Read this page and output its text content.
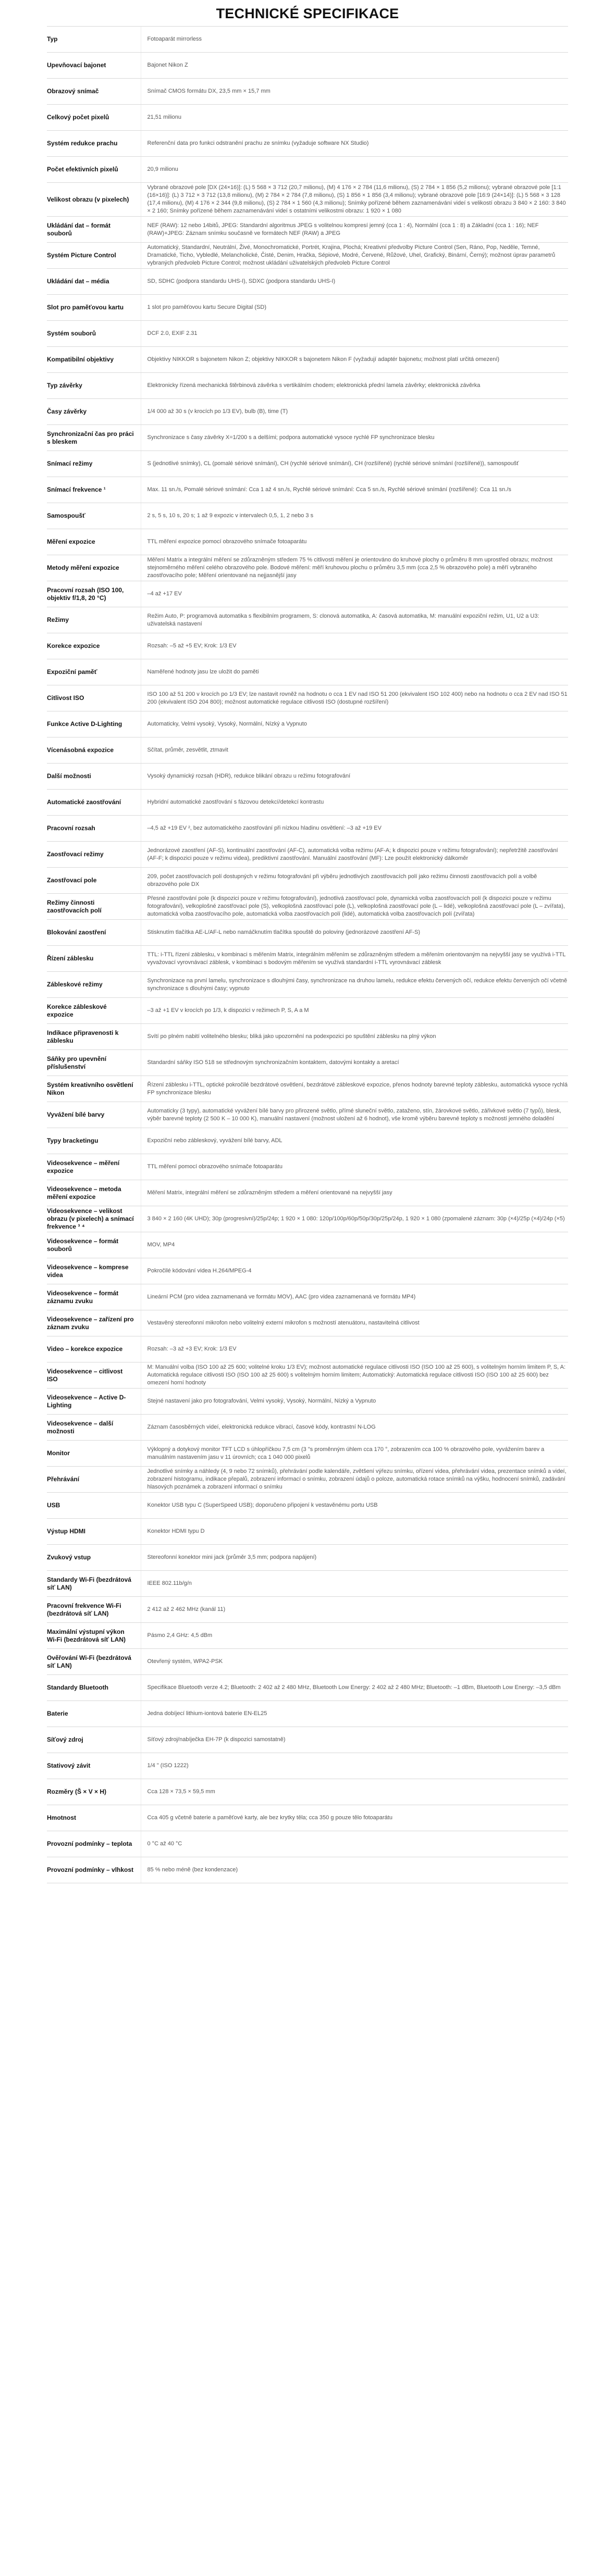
TECHNICKÉ SPECIFIKACE
Typ	Fotoaparát mirrorless
Upevňovací bajonet	Bajonet Nikon Z
Obrazový snímač	Snímač CMOS formátu DX, 23,5 mm × 15,7 mm
Celkový počet pixelů	21,51 milionu
Systém redukce prachu	Referenční data pro funkci odstranění prachu ze snímku (vyžaduje software NX Studio)
Počet efektivních pixelů	20,9 milionu
Velikost obrazu (v pixelech)	Vybrané obrazové pole [DX (24×16)]: (L) 5 568 × 3 712 (20,7 milionu), (M) 4 176 × 2 784 (11,6 milionu), (S) 2 784 × 1 856 (5,2 milionu); vybrané obrazové pole [1:1 (16×16)]: (L) 3 712 × 3 712 (13,8 milionu), (M) 2 784 × 2 784 (7,8 milionu), (S) 1 856 × 1 856 (3,4 milionu); vybrané obrazové pole [16:9 (24×14)]: (L) 5 568 × 3 128 (17,4 milionu), (M) 4 176 × 2 344 (9,8 milionu), (S) 2 784 × 1 560 (4,3 milionu); Snímky pořízené během zaznamenávání videí s velikostí obrazu 3 840 × 2 160: 3 840 × 2 160; Snímky pořízené během zaznamenávání videí s ostatními velikostmi obrazu: 1 920 × 1 080
Ukládání dat – formát souborů	NEF (RAW): 12 nebo 14bitů, JPEG: Standardní algoritmus JPEG s volitelnou kompresí jemný (cca 1 : 4), Normální (cca 1 : 8) a Základní (cca 1 : 16); NEF (RAW)+JPEG: Záznam snímku současně ve formátech NEF (RAW) a JPEG
Systém Picture Control	Automatický, Standardní, Neutrální, Živé, Monochromatické, Portrét, Krajina, Plochá; Kreativní předvolby Picture Control (Sen, Ráno, Pop, Neděle, Temné, Dramatické, Ticho, Vybledlé, Melancholické, Čisté, Denim, Hračka, Sépiové, Modré, Červené, Růžové, Uhel, Grafický, Binární, Černý); možnost úprav parametrů vybraných předvoleb Picture Control; možnost ukládání uživatelských předvoleb Picture Control
Ukládání dat – média	SD, SDHC (podpora standardu UHS-I), SDXC (podpora standardu UHS-I)
Slot pro paměťovou kartu	1 slot pro paměťovou kartu Secure Digital (SD)
Systém souborů	DCF 2.0, EXIF 2.31
Kompatibilní objektivy	Objektivy NIKKOR s bajonetem Nikon Z; objektivy NIKKOR s bajonetem Nikon F (vyžadují adaptér bajonetu; možnost platí určitá omezení)
Typ závěrky	Elektronicky řízená mechanická štěrbinová závěrka s vertikálním chodem; elektronická přední lamela závěrky; elektronická závěrka
Časy závěrky	1/4 000 až 30 s (v krocích po 1/3 EV), bulb (B), time (T)
Synchronizační čas pro práci s bleskem	Synchronizace s časy závěrky X=1/200 s a delšími; podpora automatické vysoce rychlé FP synchronizace blesku
Snímací režimy	S (jednotlivé snímky), CL (pomalé sériové snímání), CH (rychlé sériové snímání), CH (rozšířené) (rychlé sériové snímání (rozšířené)), samospoušť
Snímací frekvence ¹	Max. 11 sn./s, Pomalé sériové snímání: Cca 1 až 4 sn./s, Rychlé sériové snímání: Cca 5 sn./s, Rychlé sériové snímání (rozšířené): Cca 11 sn./s
Samospoušť	2 s, 5 s, 10 s, 20 s; 1 až 9 expozic v intervalech 0,5, 1, 2 nebo 3 s
Měření expozice	TTL měření expozice pomocí obrazového snímače fotoaparátu
Metody měření expozice	Měření Matrix a integrální měření se zdůrazněným středem 75 % citlivosti měření je orientováno do kruhové plochy o průměru 8 mm uprostřed obrazu; možnost stejnoměrného měření celého obrazového pole. Bodové měření: měří kruhovou plochu o průměru 3,5 mm (cca 2,5 % obrazového pole) a měří vybraného zaostřovacího pole; Měření orientované na nejjasnější jasy
Pracovní rozsah (ISO 100, objektiv f/1,8, 20 °C)	–4 až +17 EV
Režimy	Režim Auto, P: programová automatika s flexibilním programem, S: clonová automatika, A: časová automatika, M: manuální expoziční režim, U1, U2 a U3: uživatelská nastavení
Korekce expozice	Rozsah: –5 až +5 EV; Krok: 1/3 EV
Expoziční paměť	Naměřené hodnoty jasu lze uložit do paměti
Citlivost ISO	ISO 100 až 51 200 v krocích po 1/3 EV; lze nastavit rovněž na hodnotu o cca 1 EV nad ISO 51 200 (ekvivalent ISO 102 400) nebo na hodnotu o cca 2 EV nad ISO 51 200 (ekvivalent ISO 204 800); možnost automatické regulace citlivosti ISO (dostupné rozšíření)
Funkce Active D-Lighting	Automaticky, Velmi vysoký, Vysoký, Normální, Nízký a Vypnuto
Vícenásobná expozice	Sčítat, průměr, zesvětlit, ztmavit
Další možnosti	Vysoký dynamický rozsah (HDR), redukce blikání obrazu u režimu fotografování
Automatické zaostřování	Hybridní automatické zaostřování s fázovou detekcí/detekcí kontrastu
Pracovní rozsah	–4,5 až +19 EV ², bez automatického zaostřování při nízkou hladinu osvětlení: –3 až +19 EV
Zaostřovací režimy	Jednorázové zaostření (AF-S), kontinuální zaostřování (AF-C), automatická volba režimu (AF-A; k dispozici pouze v režimu fotografování); nepřetržitě zaostřování (AF-F; k dispozici pouze v režimu videa), prediktivní zaostřování. Manuální zaostřování (MF): Lze použít elektronický dálkoměr
Zaostřovací pole	209, počet zaostřovacích polí dostupných v režimu fotografování při výběru jednotlivých zaostřovacích polí jako režimu činnosti zaostřovacích polí a volbě obrazového pole DX
Režimy činnosti zaostřovacích polí	Přesné zaostřování pole (k dispozici pouze v režimu fotografování), jednotlivá zaostřovací pole, dynamická volba zaostřovacích polí (k dispozici pouze v režimu fotografování), velkoplošné zaostřovací pole (S), velkoplošná zaostřovací pole (L), velkoplošná zaostřovací pole (L – lidé), velkoplošná zaostřovací pole (L – zvířata), automatická volba zaostřovacího pole, automatická volba zaostřovacích polí (lidé), automatická volba zaostřovacích polí (zvířata)
Blokování zaostření	Stisknutím tlačítka AE-L/AF-L nebo namáčknutím tlačítka spouště do poloviny (jednorázové zaostření AF-S)
Řízení záblesku	TTL: i-TTL řízení záblesku, v kombinaci s měřením Matrix, integrálním měřením se zdůrazněným středem a měřením orientovaným na nejvyšší jasy se využívá i-TTL vyvažovací vyrovnávací záblesk, v kombinaci s bodovým měřením se využívá standardní i-TTL vyrovnávací záblesk
Zábleskové režimy	Synchronizace na první lamelu, synchronizace s dlouhými časy, synchronizace na druhou lamelu, redukce efektu červených očí, redukce efektu červených očí včetně synchronizace s dlouhými časy; vypnuto
Korekce zábleskové expozice	–3 až +1 EV v krocích po 1/3, k dispozici v režimech P, S, A a M
Indikace připravenosti k záblesku	Svítí po plném nabití volitelného blesku; bliká jako upozornění na podexpozici po spuštění záblesku na plný výkon
Sáňky pro upevnění příslušenství	Standardní sáňky ISO 518 se střednovým synchronizačním kontaktem, datovými kontakty a aretací
Systém kreativního osvětlení Nikon	Řízení záblesku i-TTL, optické pokročilé bezdrátové osvětlení, bezdrátové zábleskové expozice, přenos hodnoty barevné teploty záblesku, automatická vysoce rychlá FP synchronizace blesku
Vyvážení bílé barvy	Automaticky (3 typy), automatické vyvážení bílé barvy pro přirozené světlo, přímé sluneční světlo, zataženo, stín, žárovkové světlo, zářivkové světlo (7 typů), blesk, výběr barevné teploty (2 500 K – 10 000 K), manuální nastavení (možnost uložení až 6 hodnot), vše kromě výběru barevné teploty s možností jemného doladění
Typy bracketingu	Expoziční nebo zábleskový, vyvážení bílé barvy, ADL
Videosekvence – měření expozice	TTL měření pomocí obrazového snímače fotoaparátu
Videosekvence – metoda měření expozice	Měření Matrix, integrální měření se zdůrazněným středem a měření orientované na nejvyšší jasy
Videosekvence – velikost obrazu (v pixelech) a snímací frekvence ³ ⁴	3 840 × 2 160 (4K UHD); 30p (progresivní)/25p/24p; 1 920 × 1 080: 120p/100p/60p/50p/30p/25p/24p, 1 920 × 1 080 (zpomalené záznam: 30p (×4)/25p (×4)/24p (×5)
Videosekvence – formát souborů	MOV, MP4
Videosekvence – komprese videa	Pokročilé kódování videa H.264/MPEG-4
Videosekvence – formát záznamu zvuku	Lineární PCM (pro videa zaznamenaná ve formátu MOV), AAC (pro videa zaznamenaná ve formátu MP4)
Videosekvence – zařízení pro záznam zvuku	Vestavěný stereofonní mikrofon nebo volitelný externí mikrofon s možností atenuátoru, nastavitelná citlivost
Video – korekce expozice	Rozsah: –3 až +3 EV; Krok: 1/3 EV
Videosekvence – citlivost ISO	M: Manuální volba (ISO 100 až 25 600; volitelné kroku 1/3 EV); možnost automatické regulace citlivosti ISO (ISO 100 až 25 600), s volitelným horním limitem P, S, A: Automatická regulace citlivosti ISO (ISO 100 až 25 600) s volitelným horním limitem; Automatický: Automatická regulace citlivosti ISO (ISO 100 až 25 600) bez omezení horní hodnoty
Videosekvence – Active D-Lighting	Stejné nastavení jako pro fotografování, Velmi vysoký, Vysoký, Normální, Nízký a Vypnuto
Videosekvence – další možnosti	Záznam časosběrných videí, elektronická redukce vibrací, časové kódy, kontrastní N-LOG
Monitor	Výklopný a dotykový monitor TFT LCD s úhlopříčkou 7,5 cm (3 "s proměnným úhlem cca 170 °, zobrazením cca 100 % obrazového pole, vyvážením barev a manuálním nastavením jasu v 11 úrovních; cca 1 040 000 pixelů
Přehrávání	Jednotlivé snímky a náhledy (4, 9 nebo 72 snímků), přehrávání podle kalendáře, zvětšení výřezu snímku, ořízení videa, přehrávání videa, prezentace snímků a videí, zobrazení histogramu, indikace přepalů, zobrazení informací o snímku, zobrazení údajů o poloze, automatická rotace snímků na výšku, hodnocení snímků, zadávání hlasových poznámek a zobrazení informací o snímku
USB	Konektor USB typu C (SuperSpeed USB); doporučeno připojení k vestavěnému portu USB
Výstup HDMI	Konektor HDMI typu D
Zvukový vstup	Stereofonní konektor mini jack (průměr 3,5 mm; podpora napájení)
Standardy Wi-Fi (bezdrátová síť LAN)	IEEE 802.11b/g/n
Pracovní frekvence Wi-Fi (bezdrátová síť LAN)	2 412 až 2 462 MHz (kanál 11)
Maximální výstupní výkon Wi-Fi (bezdrátová síť LAN)	Pásmo 2,4 GHz: 4,5 dBm
Ověřování Wi-Fi (bezdrátová síť LAN)	Otevřený systém, WPA2-PSK
Standardy Bluetooth	Specifikace Bluetooth verze 4.2; Bluetooth: 2 402 až 2 480 MHz, Bluetooth Low Energy: 2 402 až 2 480 MHz; Bluetooth: –1 dBm, Bluetooth Low Energy: –3,5 dBm
Baterie	Jedna dobíjecí lithium-iontová baterie EN-EL25
Síťový zdroj	Síťový zdroj/nabíječka EH-7P (k dispozici samostatně)
Stativový závit	1/4 " (ISO 1222)
Rozměry (Š × V × H)	Cca 128 × 73,5 × 59,5 mm
Hmotnost	Cca 405 g včetně baterie a paměťové karty, ale bez krytky těla; cca 350 g pouze tělo fotoaparátu
Provozní podmínky – teplota	0 °C až 40 °C
Provozní podmínky – vlhkost	85 % nebo méně (bez kondenzace)
